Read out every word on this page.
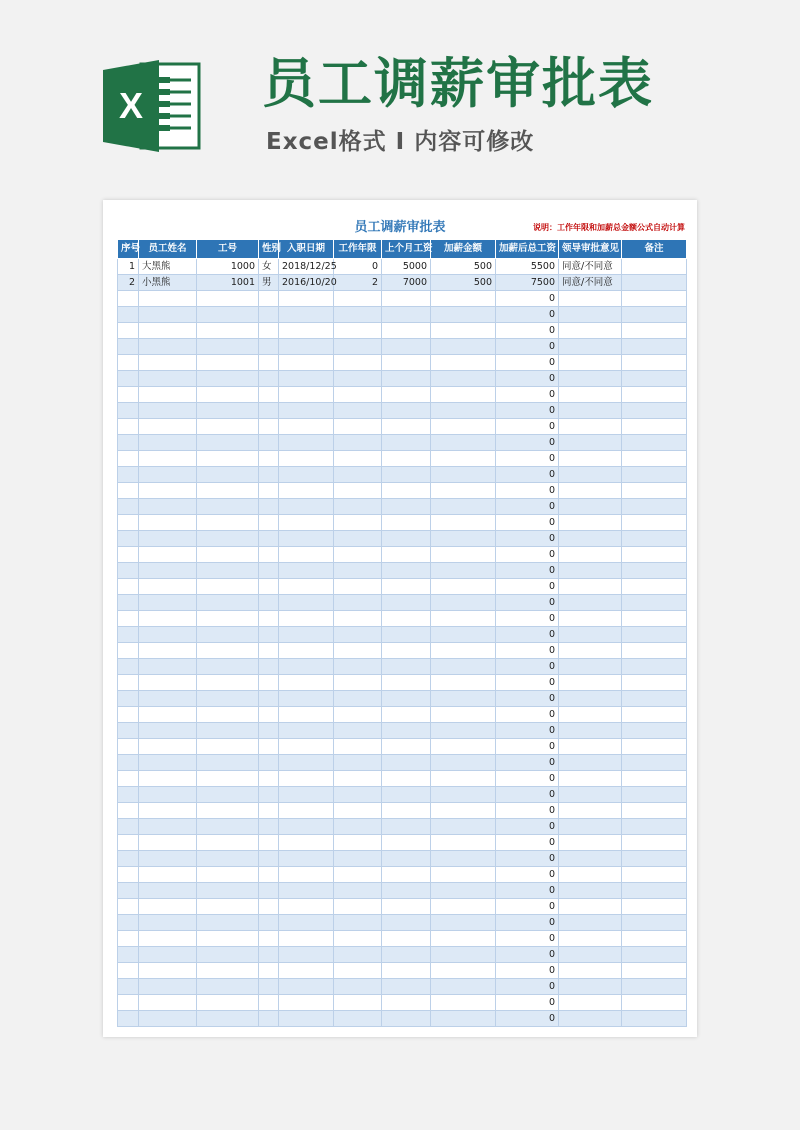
X 员工调薪审批表
Excel格式 I 内容可修改
员工调薪审批表	说明：工作年限和加薪总金额公式自动计算
序号	员工姓名	工号	性别	入职日期	工作年限	上个月工资	加薪金额	加薪后总工资	领导审批意见	备注
1	大黑熊	1000	女	2018/12/25	0	5000	500	5500	同意/不同意	
2	小黑熊	1001	男	2016/10/20	2	7000	500	7500	同意/不同意	
								0		
								0		
								0		
								0		
								0		
								0		
								0		
								0		
								0		
								0		
								0		
								0		
								0		
								0		
								0		
								0		
								0		
								0		
								0		
								0		
								0		
								0		
								0		
								0		
								0		
								0		
								0		
								0		
								0		
								0		
								0		
								0		
								0		
								0		
								0		
								0		
								0		
								0		
								0		
								0		
								0		
								0		
								0		
								0		
								0		
								0		
